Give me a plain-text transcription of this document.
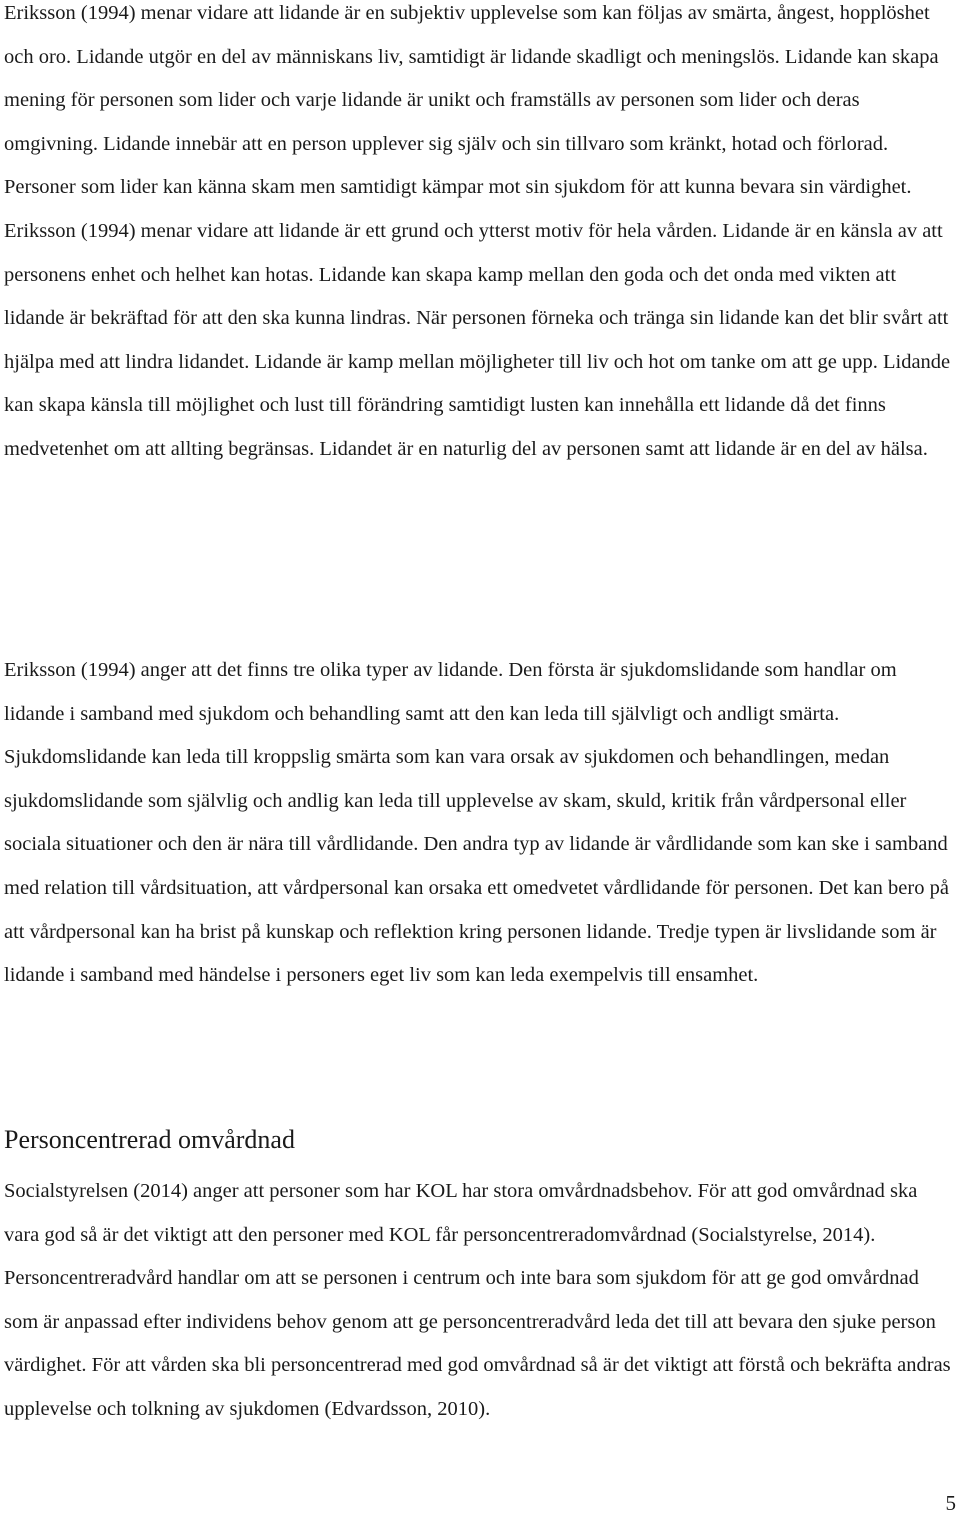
Eriksson (1994) menar vidare att lidande är en subjektiv upplevelse som kan följas av smärta, ångest, hopplöshet och oro. Lidande utgör en del av människans liv, samtidigt är lidande skadligt och meningslös. Lidande kan skapa mening för personen som lider och varje lidande är unikt och framställs av personen som lider och deras omgivning. Lidande innebär att en person upplever sig själv och sin tillvaro som kränkt, hotad och förlorad. Personer som lider kan känna skam men samtidigt kämpar mot sin sjukdom för att kunna bevara sin värdighet. Eriksson (1994) menar vidare att lidande är ett grund och ytterst motiv för hela vården. Lidande är en känsla av att personens enhet och helhet kan hotas. Lidande kan skapa kamp mellan den goda och det onda med vikten att lidande är bekräftad för att den ska kunna lindras. När personen förneka och tränga sin lidande kan det blir svårt att hjälpa med att lindra lidandet. Lidande är kamp mellan möjligheter till liv och hot om tanke om att ge upp. Lidande kan skapa känsla till möjlighet och lust till förändring samtidigt lusten kan innehålla ett lidande då det finns medvetenhet om att allting begränsas. Lidandet är en naturlig del av personen samt att lidande är en del av hälsa.

Eriksson (1994) anger att det finns tre olika typer av lidande. Den första är sjukdomslidande som handlar om lidande i samband med sjukdom och behandling samt att den kan leda till självligt och andligt smärta. Sjukdomslidande kan leda till kroppslig smärta som kan vara orsak av sjukdomen och behandlingen, medan sjukdomslidande som självlig och andlig kan leda till upplevelse av skam, skuld, kritik från vårdpersonal eller sociala situationer och den är nära till vårdlidande. Den andra typ av lidande är vårdlidande som kan ske i samband med relation till vårdsituation, att vårdpersonal kan orsaka ett omedvetet vårdlidande för personen. Det kan bero på att vårdpersonal kan ha brist på kunskap och reflektion kring personen lidande. Tredje typen är livslidande som är lidande i samband med händelse i personers eget liv som kan leda exempelvis till ensamhet.

Personcentrerad omvårdnad

Socialstyrelsen (2014) anger att personer som har KOL har stora omvårdnadsbehov. För att god omvårdnad ska vara god så är det viktigt att den personer med KOL får personcentreradomvårdnad (Socialstyrelse, 2014). Personcentreradvård handlar om att se personen i centrum och inte bara som sjukdom för att ge god omvårdnad som är anpassad efter individens behov genom att ge personcentreradvård leda det till att bevara den sjuke person värdighet. För att vården ska bli personcentrerad med god omvårdnad så är det viktigt att förstå och bekräfta andras upplevelse och tolkning av sjukdomen (Edvardsson, 2010).

5
